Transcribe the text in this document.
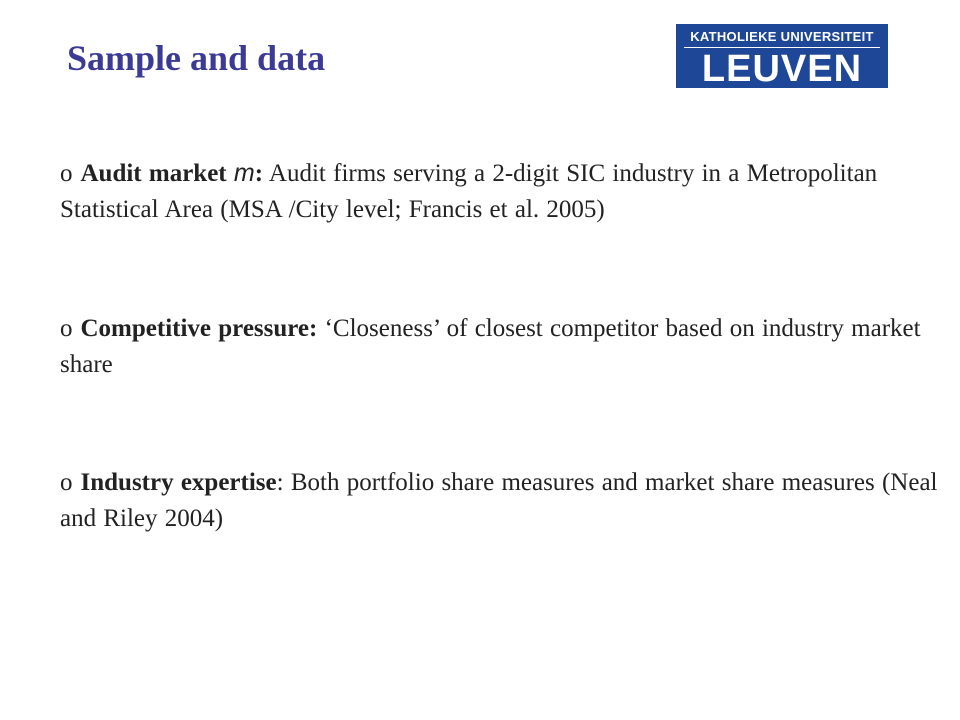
Sample and data
KATHOLIEKE UNIVERSITEIT
LEUVEN
o Audit market m: Audit firms serving a 2-digit SIC industry in a Metropolitan Statistical Area (MSA /City level; Francis et al. 2005)
o Competitive pressure: ‘Closeness’ of closest competitor based on industry market share
o Industry expertise: Both portfolio share measures and market share measures (Neal and Riley 2004)
